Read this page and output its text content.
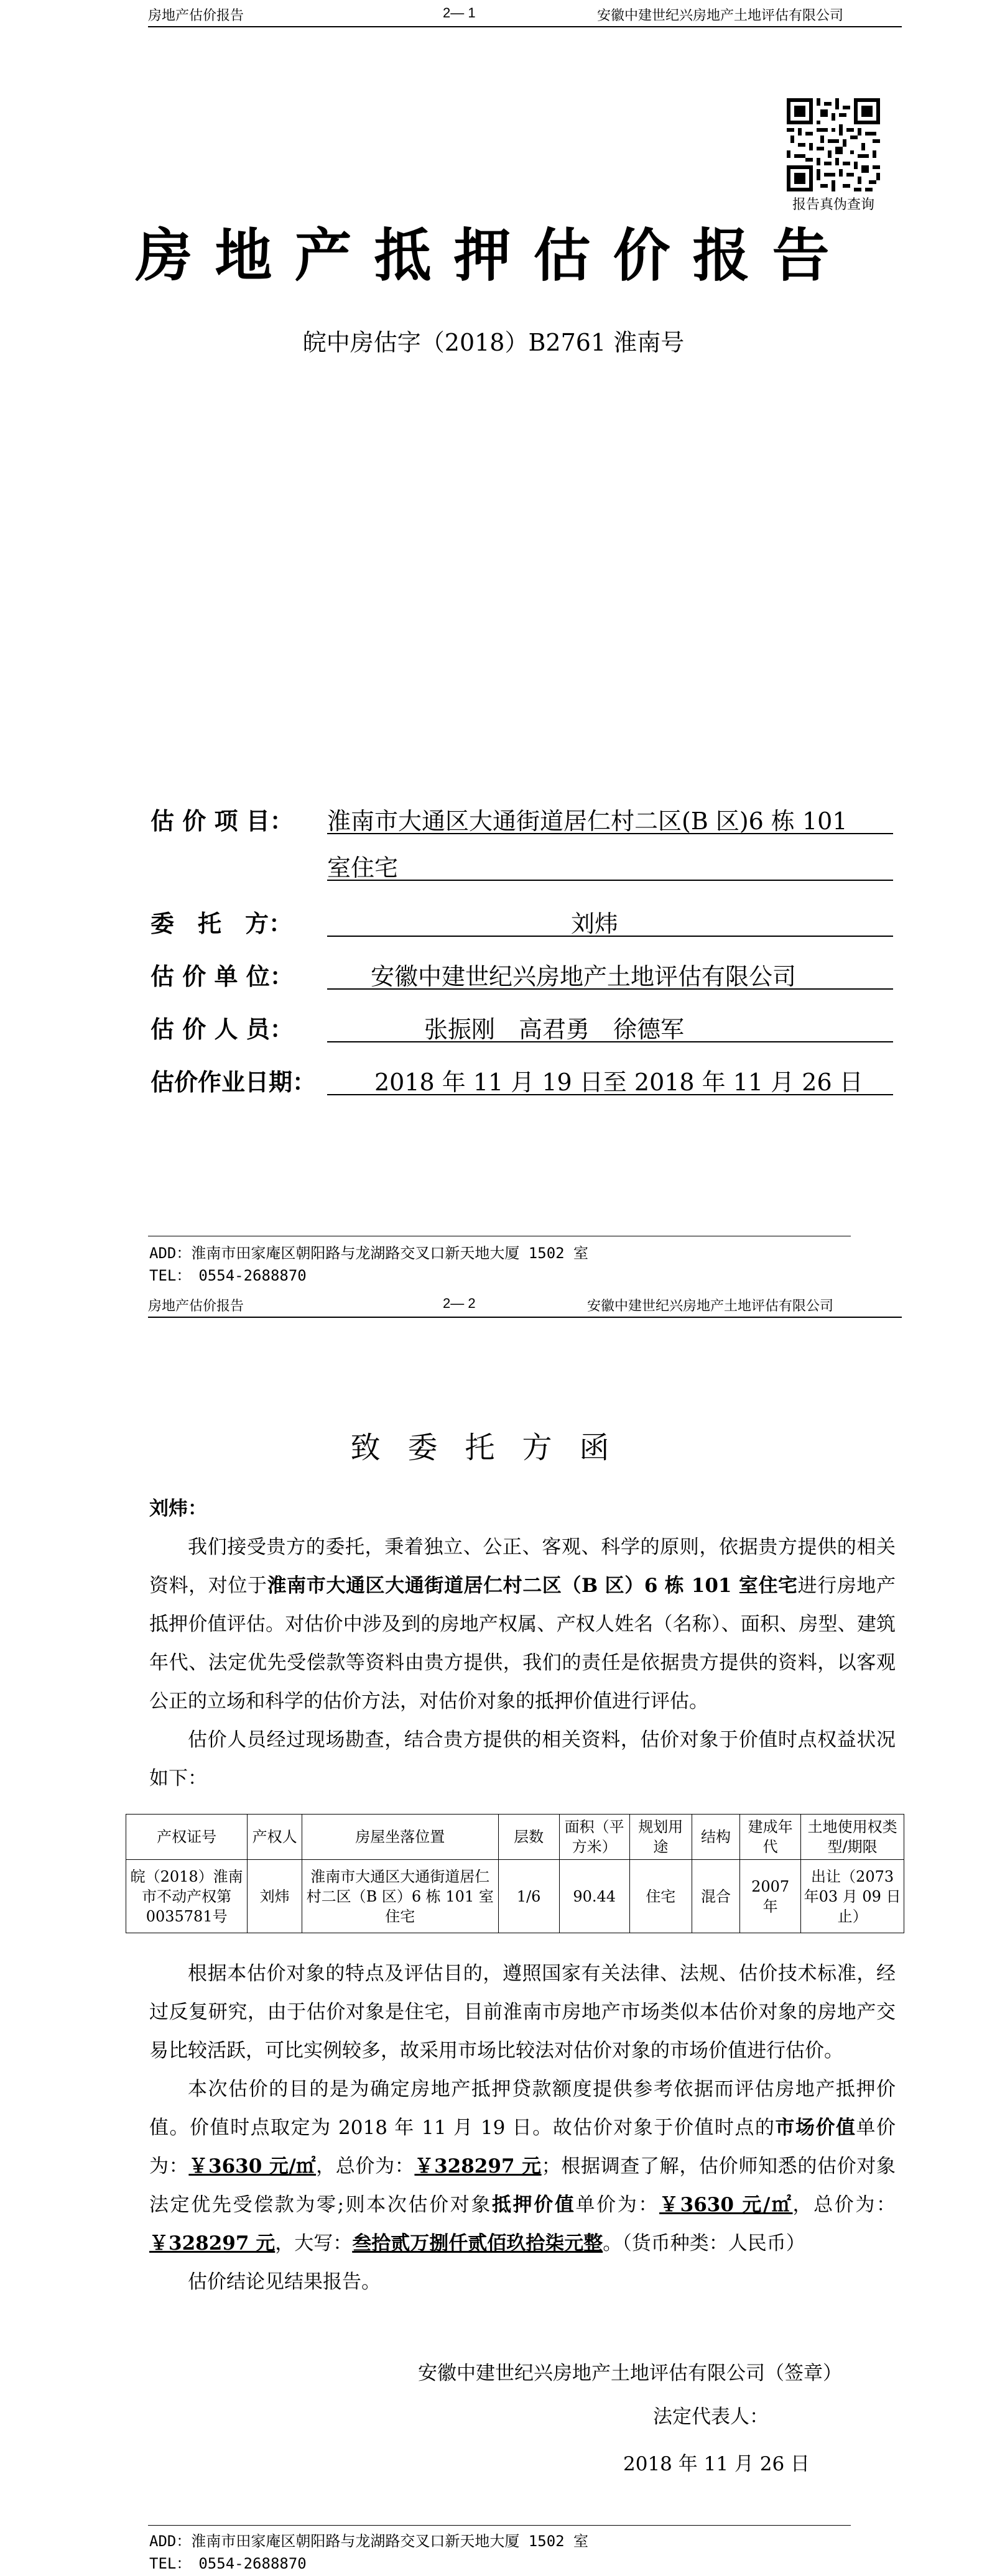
房地产估价报告	2— 1	安徽中建世纪兴房地产土地评估有限公司
报告真伪查询
房地产抵押估价报告
皖中房估字（2018）B2761 淮南号
估 价 项 目： 淮南市大通区大通街道居仁村二区(B 区)6 栋 101
室住宅
委　托　方：	刘炜
估 价 单 位：	安徽中建世纪兴房地产土地评估有限公司
估 价 人 员：	张振刚　高君勇　徐德军
估价作业日期： 2018 年 11 月 19 日至 2018 年 11 月 26 日
ADD：淮南市田家庵区朝阳路与龙湖路交叉口新天地大厦 1502 室
TEL：　0554-2688870
房地产估价报告	2— 2	安徽中建世纪兴房地产土地评估有限公司
致委托方函
刘炜：
我们接受贵方的委托，秉着独立、公正、客观、科学的原则，依据贵方提供的相关资料，对位于淮南市大通区大通街道居仁村二区（B 区）6 栋 101 室住宅进行房地产抵押价值评估。对估价中涉及到的房地产权属、产权人姓名（名称）、面积、房型、建筑年代、法定优先受偿款等资料由贵方提供，我们的责任是依据贵方提供的资料，以客观公正的立场和科学的估价方法，对估价对象的抵押价值进行评估。
估价人员经过现场勘查，结合贵方提供的相关资料，估价对象于价值时点权益状况如下：
产权证号	产权人	房屋坐落位置	层数	面积（平方米）	规划用途	结构	建成年代	土地使用权类型/期限
皖（2018）淮南市不动产权第0035781号	刘炜	淮南市大通区大通街道居仁村二区（B 区）6 栋 101 室住宅	1/6	90.44	住宅	混合	2007 年	出让（2073 年03 月 09 日止）
根据本估价对象的特点及评估目的，遵照国家有关法律、法规、估价技术标准，经过反复研究，由于估价对象是住宅，目前淮南市房地产市场类似本估价对象的房地产交易比较活跃，可比实例较多，故采用市场比较法对估价对象的市场价值进行估价。
本次估价的目的是为确定房地产抵押贷款额度提供参考依据而评估房地产抵押价值。价值时点取定为 2018 年 11 月 19 日。故估价对象于价值时点的市场价值单价为：￥3630 元/㎡，总价为：￥328297 元；根据调查了解，估价师知悉的估价对象法定优先受偿款为零;则本次估价对象抵押价值单价为：￥3630 元/㎡，总价为：￥328297 元，大写：叁拾贰万捌仟贰佰玖拾柒元整。（货币种类：人民币）
估价结论见结果报告。
安徽中建世纪兴房地产土地评估有限公司（签章）
法定代表人：
2018 年 11 月 26 日
ADD：淮南市田家庵区朝阳路与龙湖路交叉口新天地大厦 1502 室
TEL：　0554-2688870
